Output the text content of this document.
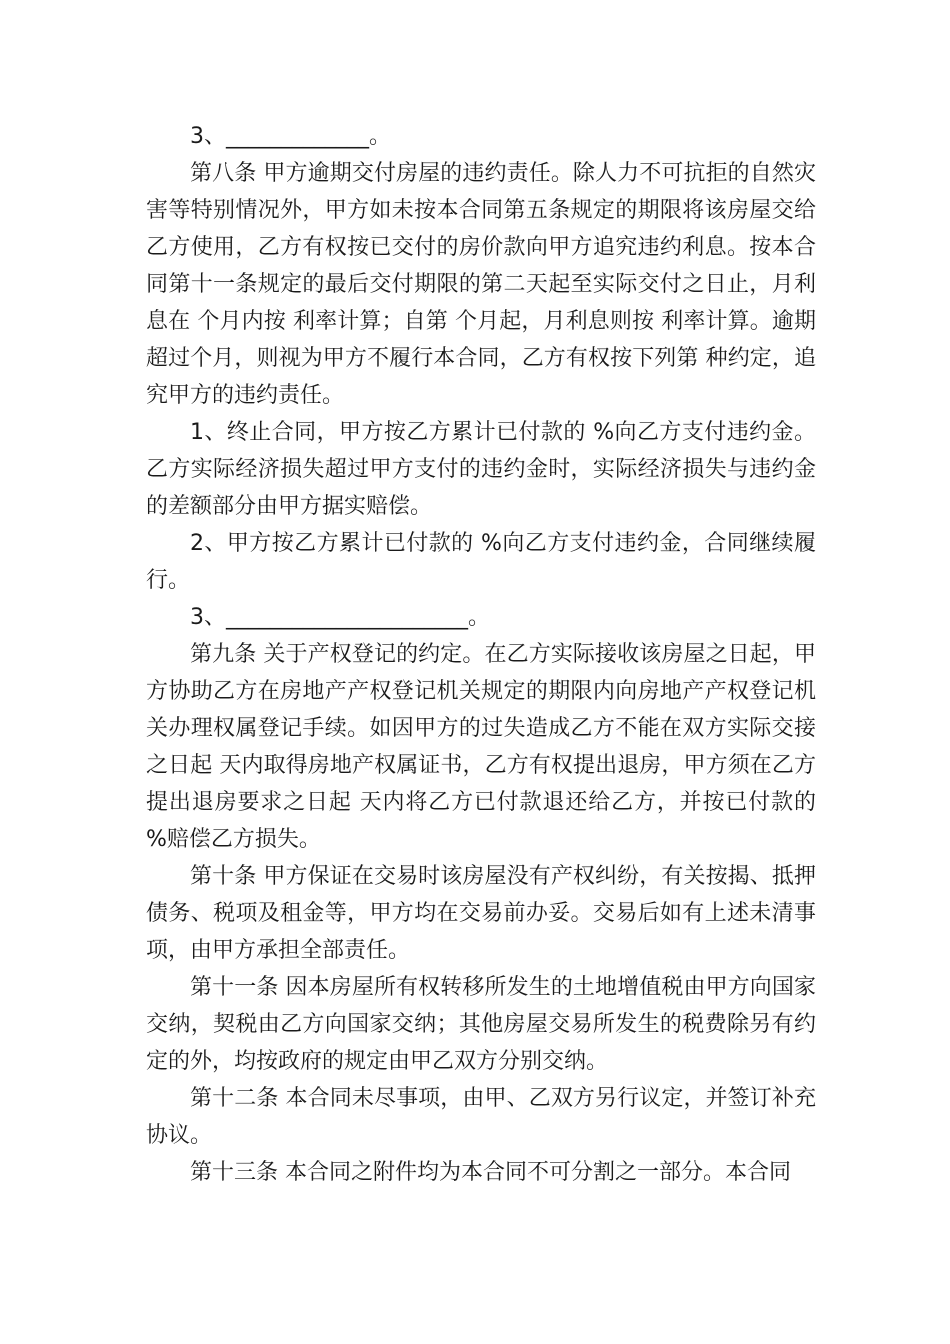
3、_____________。

第八条 甲方逾期交付房屋的违约责任。除人力不可抗拒的自然灾害等特别情况外，甲方如未按本合同第五条规定的期限将该房屋交给乙方使用，乙方有权按已交付的房价款向甲方追究违约利息。按本合同第十一条规定的最后交付期限的第二天起至实际交付之日止，月利息在 个月内按 利率计算；自第 个月起，月利息则按 利率计算。逾期超过个月，则视为甲方不履行本合同，乙方有权按下列第 种约定，追究甲方的违约责任。

1、终止合同，甲方按乙方累计已付款的 %向乙方支付违约金。乙方实际经济损失超过甲方支付的违约金时，实际经济损失与违约金的差额部分由甲方据实赔偿。

2、甲方按乙方累计已付款的 %向乙方支付违约金，合同继续履行。

3、______________________。

第九条 关于产权登记的约定。在乙方实际接收该房屋之日起，甲方协助乙方在房地产产权登记机关规定的期限内向房地产产权登记机关办理权属登记手续。如因甲方的过失造成乙方不能在双方实际交接之日起 天内取得房地产权属证书，乙方有权提出退房，甲方须在乙方提出退房要求之日起 天内将乙方已付款退还给乙方，并按已付款的 %赔偿乙方损失。

第十条 甲方保证在交易时该房屋没有产权纠纷，有关按揭、抵押债务、税项及租金等，甲方均在交易前办妥。交易后如有上述未清事项，由甲方承担全部责任。

第十一条 因本房屋所有权转移所发生的土地增值税由甲方向国家交纳，契税由乙方向国家交纳；其他房屋交易所发生的税费除另有约定的外，均按政府的规定由甲乙双方分别交纳。

第十二条 本合同未尽事项，由甲、乙双方另行议定，并签订补充协议。

第十三条 本合同之附件均为本合同不可分割之一部分。本合同
